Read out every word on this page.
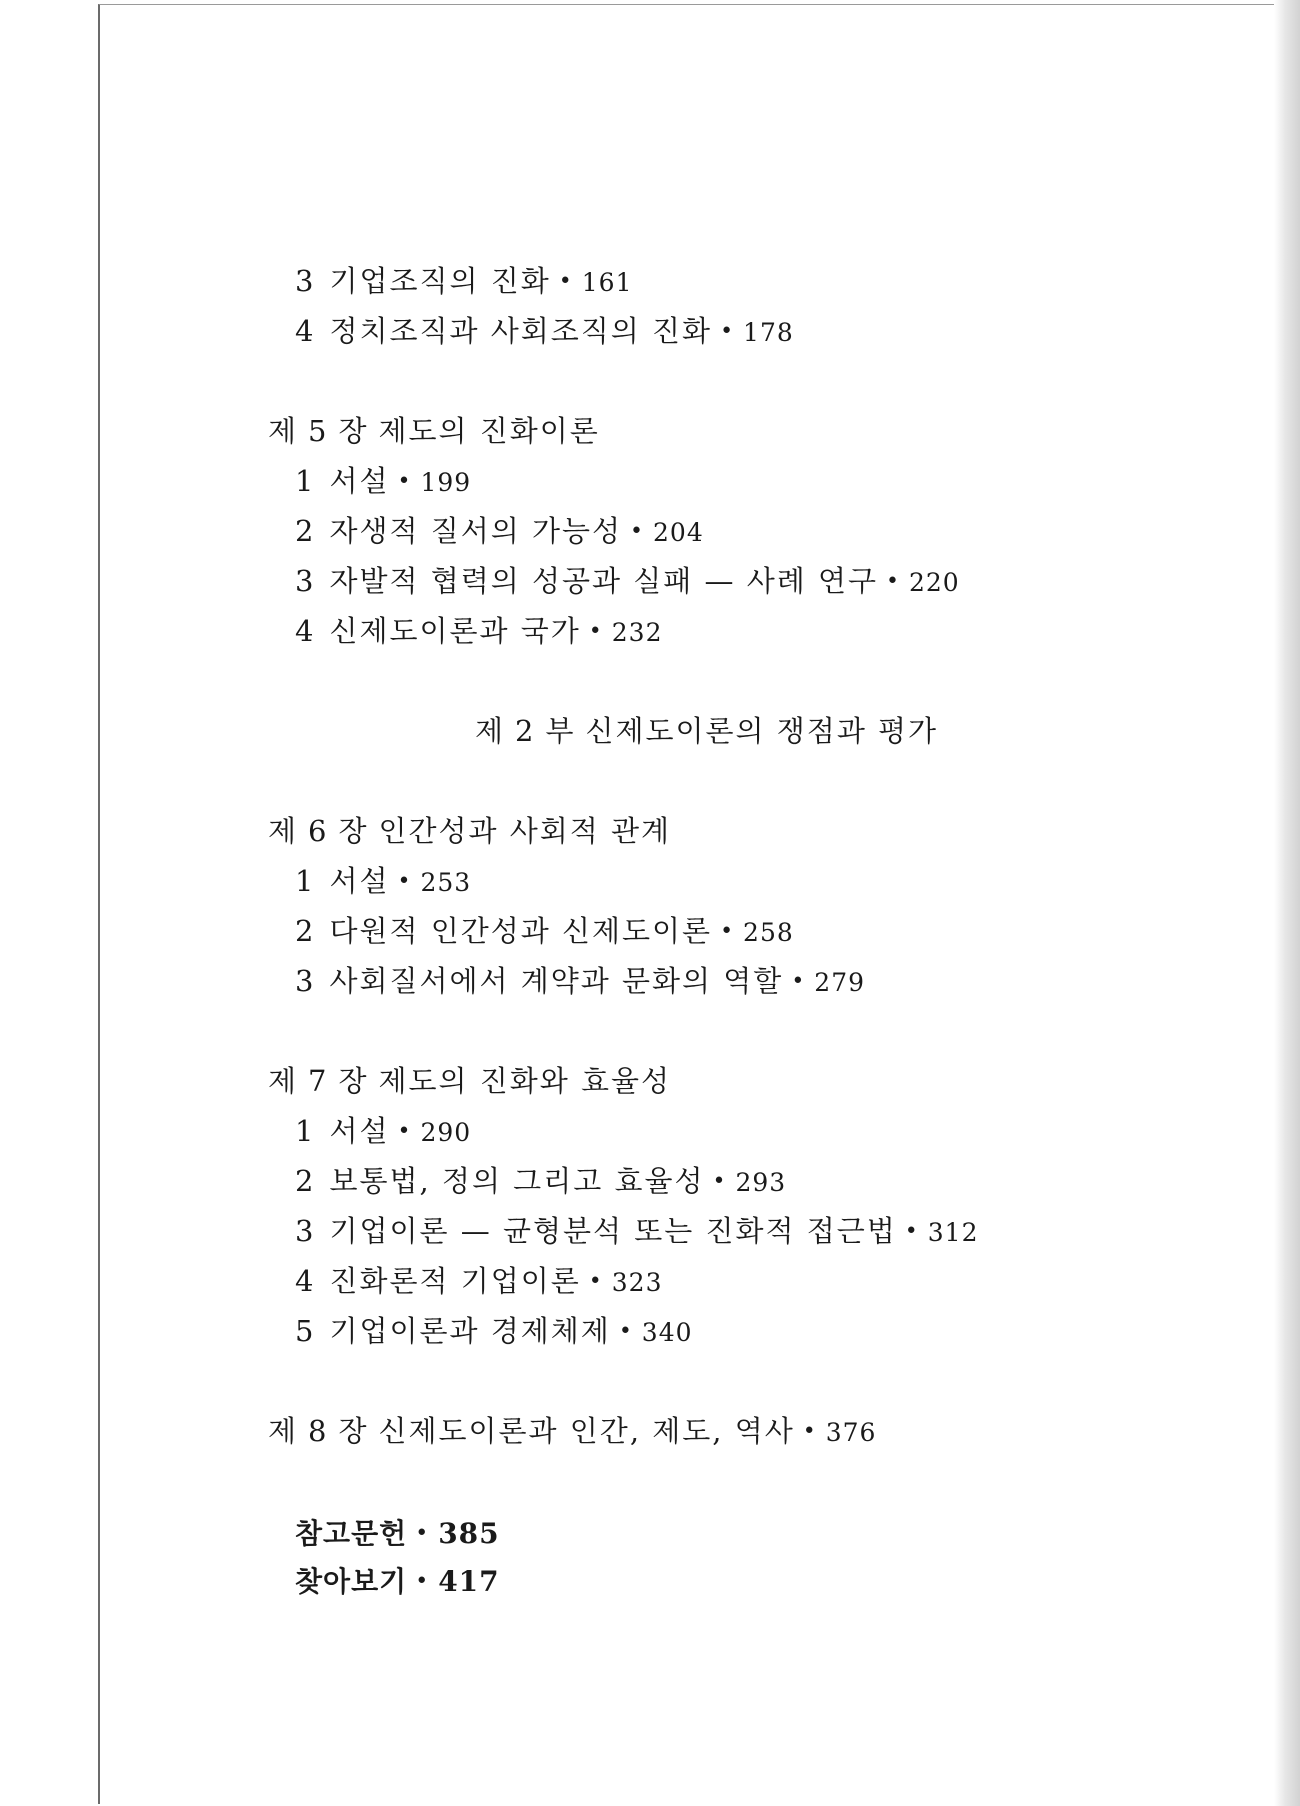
3 기업조직의 진화 • 161
4 정치조직과 사회조직의 진화 • 178
제 5 장 제도의 진화이론
1 서설 • 199
2 자생적 질서의 가능성 • 204
3 자발적 협력의 성공과 실패 — 사례 연구 • 220
4 신제도이론과 국가 • 232
제 2 부 신제도이론의 쟁점과 평가
제 6 장 인간성과 사회적 관계
1 서설 • 253
2 다원적 인간성과 신제도이론 • 258
3 사회질서에서 계약과 문화의 역할 • 279
제 7 장 제도의 진화와 효율성
1 서설 • 290
2 보통법, 정의 그리고 효율성 • 293
3 기업이론 — 균형분석 또는 진화적 접근법 • 312
4 진화론적 기업이론 • 323
5 기업이론과 경제체제 • 340
제 8 장 신제도이론과 인간, 제도, 역사 • 376
참고문헌 • 385
찾아보기 • 417
